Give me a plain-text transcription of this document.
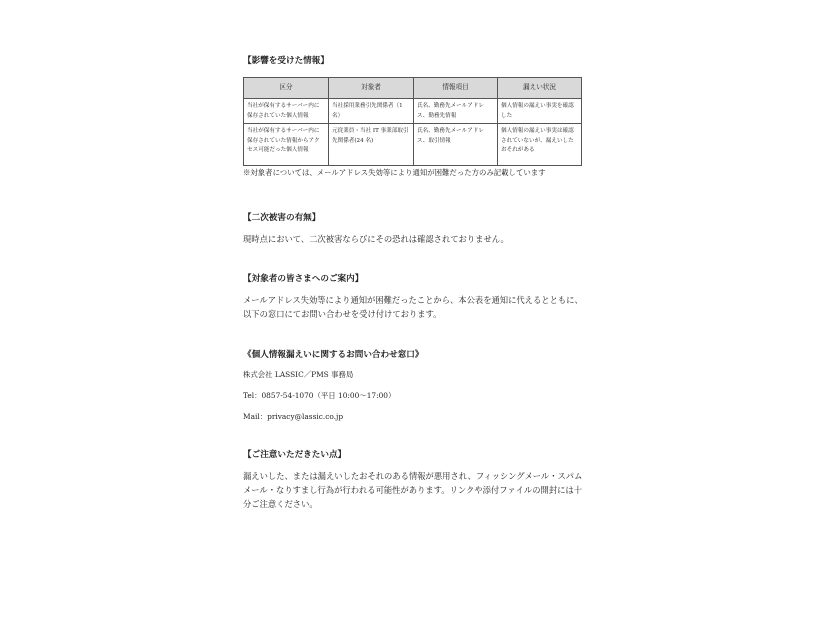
【影響を受けた情報】

区分	対象者	情報項目	漏えい状況
当社が保有するサーバー内に保存されていた個人情報	当社採用業務引先関係者（1 名）	氏名、勤務先メールアドレス、勤務先情報	個人情報の漏えい事実を確認した
当社が保有するサーバー内に保存されていた情報からアクセス可能だった個人情報	元従業員・当社 IT 事業部取引先関係者(24 名)	氏名、勤務先メールアドレス、取引情報	個人情報の漏えい事実は確認されていないが、漏えいしたおそれがある
※対象者については、メールアドレス失効等により通知が困難だった方のみ記載しています

【二次被害の有無】

現時点において、二次被害ならびにその恐れは確認されておりません。

【対象者の皆さまへのご案内】

メールアドレス失効等により通知が困難だったことから、本公表を通知に代えるとともに、以下の窓口にてお問い合わせを受け付けております。

《個人情報漏えいに関するお問い合わせ窓口》

株式会社 LASSIC／PMS 事務局

Tel：0857-54-1070（平日 10:00～17:00）

Mail：privacy@lassic.co.jp

【ご注意いただきたい点】

漏えいした、または漏えいしたおそれのある情報が悪用され、フィッシングメール・スパムメール・なりすまし行為が行われる可能性があります。リンクや添付ファイルの開封には十分ご注意ください。
